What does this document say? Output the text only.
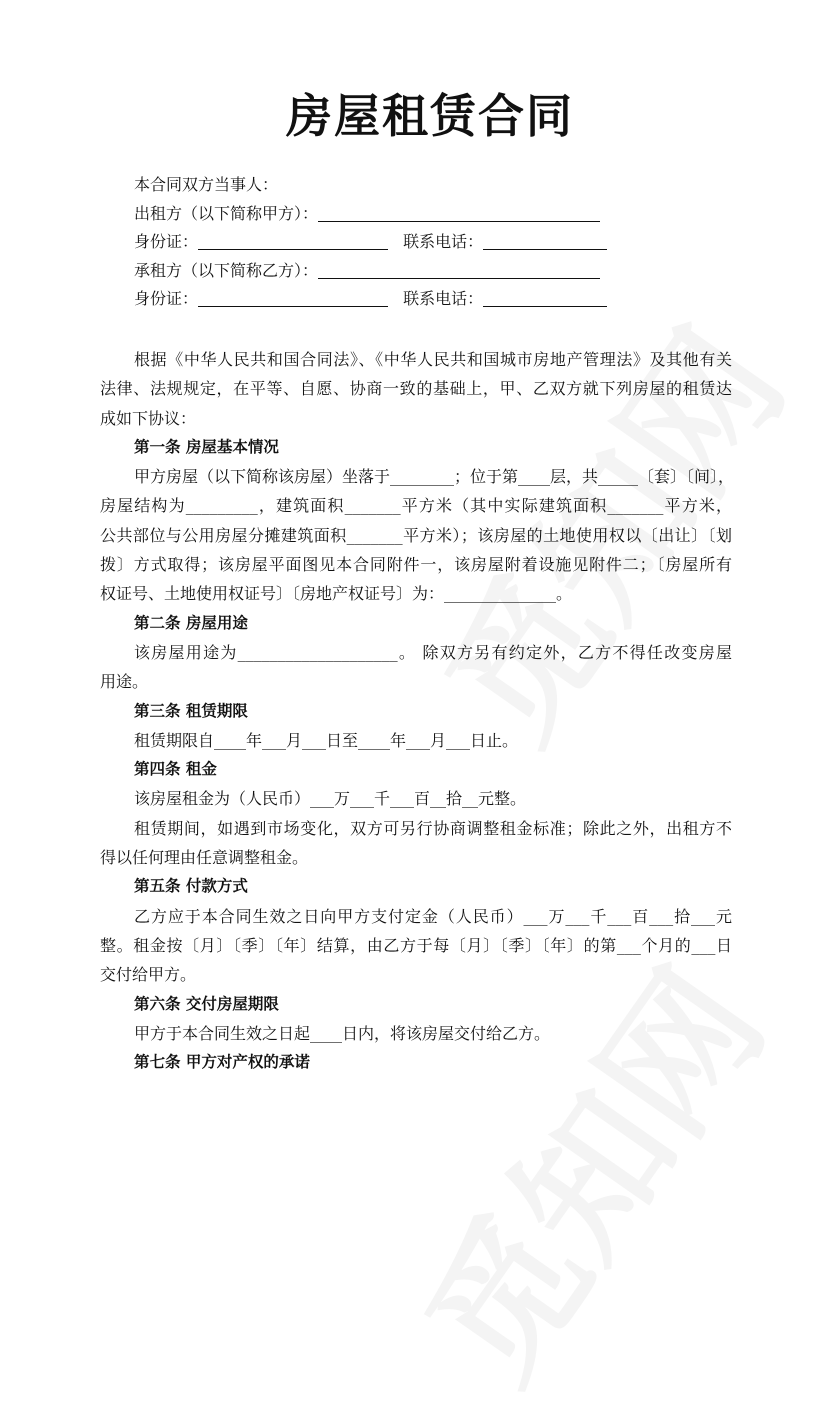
房屋租赁合同
本合同双方当事人：
出租方（以下简称甲方）：
身份证：	联系电话：
承租方（以下简称乙方）：
身份证：	联系电话：
根据《中华人民共和国合同法》、《中华人民共和国城市房地产管理法》及其他有关
法律、法规规定，在平等、自愿、协商一致的基础上，甲、乙双方就下列房屋的租赁达
成如下协议：
第一条 房屋基本情况
甲方房屋（以下简称该房屋）坐落于________；位于第____层，共_____〔套〕〔间〕，
房屋结构为_________，建筑面积_______平方米（其中实际建筑面积_______平方米，
公共部位与公用房屋分摊建筑面积_______平方米）；该房屋的土地使用权以〔出让〕〔划
拨〕方式取得；该房屋平面图见本合同附件一，该房屋附着设施见附件二；〔房屋所有
权证号、土地使用权证号〕〔房地产权证号〕为：______________。
第二条 房屋用途
该房屋用途为____________________。 除双方另有约定外，乙方不得任改变房屋
用途。
第三条 租赁期限
租赁期限自____年___月___日至____年___月___日止。
第四条 租金
该房屋租金为（人民币）___万___千___百__拾__元整。
租赁期间，如遇到市场变化，双方可另行协商调整租金标准；除此之外，出租方不
得以任何理由任意调整租金。
第五条 付款方式
乙方应于本合同生效之日向甲方支付定金（人民币）___万___千___百___拾___元
整。租金按〔月〕〔季〕〔年〕结算，由乙方于每〔月〕〔季〕〔年〕的第___个月的___日
交付给甲方。
第六条 交付房屋期限
甲方于本合同生效之日起____日内，将该房屋交付给乙方。
第七条 甲方对产权的承诺
